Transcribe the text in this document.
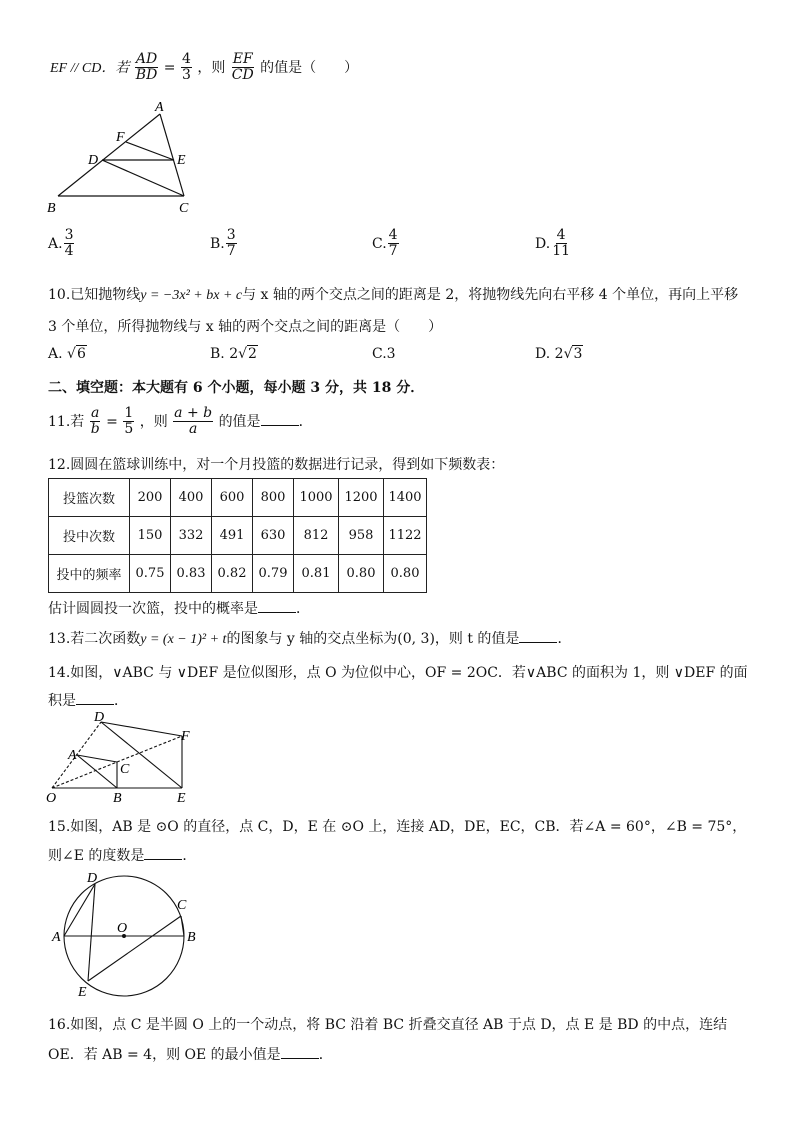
EF // CD．若 $\frac{AD}{BD} = \frac{4}{3}$ ，则 $\frac{EF}{CD}$ 的值是（　　）
A
F
D	E
B	C
A. $\frac{3}{4}$	B. $\frac{3}{7}$	C. $\frac{4}{7}$	D. $\frac{4}{11}$
10.已知抛物线y = −3x² + bx + c与 x 轴的两个交点之间的距离是 2，将抛物线先向右平移 4 个单位，再向上平移
3 个单位，所得抛物线与 x 轴的两个交点之间的距离是（　　）
A. √6	B. 2√2	C.3	D. 2√3
二、填空题：本大题有 6 个小题，每小题 3 分，共 18 分．
11.若 $\frac{a}{b} = \frac{1}{5}$ ，则 $\frac{a + b}{a}$ 的值是	．
12.圆圆在篮球训练中，对一个月投篮的数据进行记录，得到如下频数表：
投篮次数	200	400	600	800	1000	1200	1400
投中次数	150	332	491	630	812	958	1122
投中的频率	0.75	0.83	0.82	0.79	0.81	0.80	0.80
估计圆圆投一次篮，投中的概率是	．
13.若二次函数y = (x − 1)² + t的图象与 y 轴的交点坐标为(0, 3)，则 t 的值是	．
14.如图，∨ABC 与 ∨DEF 是位似图形，点 O 为位似中心，OF = 2OC．若∨ABC 的面积为 1，则 ∨DEF 的面
积是	．
D
F
A
C
O	B	E
15.如图，AB 是 ⊙O 的直径，点 C，D，E 在 ⊙O 上，连接 AD，DE，EC，CB．若∠A = 60°，∠B = 75°，
则∠E 的度数是	．
D
C
A
O
B
E
16.如图，点 C 是半圆 O 上的一个动点，将 BC 沿着 BC 折叠交直径 AB 于点 D，点 E 是 BD 的中点，连结
OE．若 AB = 4，则 OE 的最小值是	．
